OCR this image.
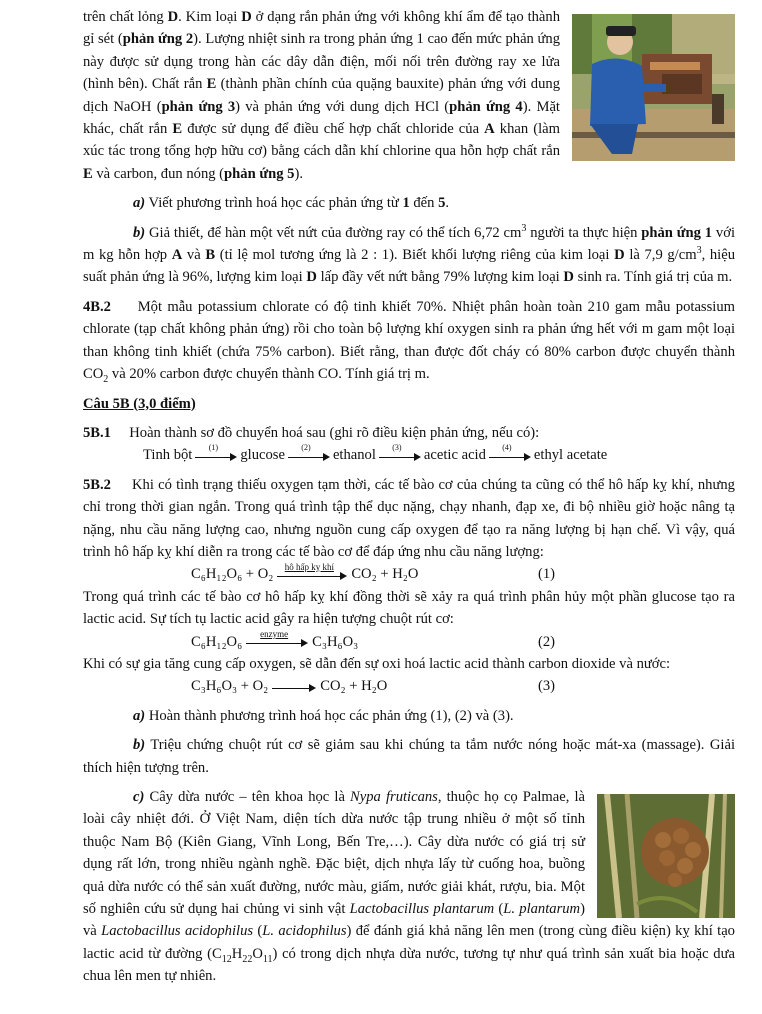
trên chất lỏng D. Kim loại D ở dạng rắn phản ứng với không khí ẩm để tạo thành gỉ sét (phản ứng 2). Lượng nhiệt sinh ra trong phản ứng 1 cao đến mức phản ứng này được sử dụng trong hàn các dây dẫn điện, mối nối trên đường ray xe lửa (hình bên). Chất rắn E (thành phần chính của quặng bauxite) phản ứng với dung dịch NaOH (phản ứng 3) và phản ứng với dung dịch HCl (phản ứng 4). Mặt khác, chất rắn E được sử dụng để điều chế hợp chất chloride của A khan (làm xúc tác trong tổng hợp hữu cơ) bằng cách dẫn khí chlorine qua hỗn hợp chất rắn E và carbon, đun nóng (phản ứng 5).

a) Viết phương trình hoá học các phản ứng từ 1 đến 5.

b) Giả thiết, để hàn một vết nứt của đường ray có thể tích 6,72 $cm^3$ người ta thực hiện phản ứng 1 với m kg hỗn hợp A và B (tỉ lệ mol tương ứng là 2 : 1). Biết khối lượng riêng của kim loại D là 7,9 $g/cm^3$, hiệu suất phản ứng là 96%, lượng kim loại D lấp đầy vết nứt bằng 79% lượng kim loại D sinh ra. Tính giá trị của m.

4B.2 Một mẫu potassium chlorate có độ tinh khiết 70%. Nhiệt phân hoàn toàn 210 gam mẫu potassium chlorate (tạp chất không phản ứng) rồi cho toàn bộ lượng khí oxygen sinh ra phản ứng hết với m gam một loại than không tinh khiết (chứa 75% carbon). Biết rằng, than được đốt cháy có 80% carbon được chuyển thành $CO_2$ và 20% carbon được chuyển thành CO. Tính giá trị m.

Câu 5B (3,0 điểm)

5B.1 Hoàn thành sơ đồ chuyển hoá sau (ghi rõ điều kiện phản ứng, nếu có):

Tinh bột	(1)	glucose	(2)	ethanol	(3)	acetic acid	(4)	ethyl acetate

5B.2 Khi có tình trạng thiếu oxygen tạm thời, các tế bào cơ của chúng ta cũng có thể hô hấp kỵ khí, nhưng chỉ trong thời gian ngắn. Trong quá trình tập thể dục nặng, chạy nhanh, đạp xe, đi bộ nhiều giờ hoặc nâng tạ nặng, nhu cầu năng lượng cao, nhưng nguồn cung cấp oxygen để tạo ra năng lượng bị hạn chế. Vì vậy, quá trình hô hấp kỵ khí diễn ra trong các tế bào cơ để đáp ứng nhu cầu năng lượng:

C₆H₁₂O₆ + O₂	hô hấp kỵ khí	CO₂ + H₂O	(1)

Trong quá trình các tế bào cơ hô hấp kỵ khí đồng thời sẽ xảy ra quá trình phân hủy một phần glucose tạo ra lactic acid. Sự tích tụ lactic acid gây ra hiện tượng chuột rút cơ:

C₆H₁₂O₆	enzyme	C₃H₆O₃	(2)

Khi có sự gia tăng cung cấp oxygen, sẽ dẫn đến sự oxi hoá lactic acid thành carbon dioxide và nước:

C₃H₆O₃ + O₂	CO₂ + H₂O	(3)

a) Hoàn thành phương trình hoá học các phản ứng (1), (2) và (3).

b) Triệu chứng chuột rút cơ sẽ giảm sau khi chúng ta tắm nước nóng hoặc mát-xa (massage). Giải thích hiện tượng trên.

c) Cây dừa nước – tên khoa học là Nypa fruticans, thuộc họ cọ Palmae, là loài cây nhiệt đới. Ở Việt Nam, diện tích dừa nước tập trung nhiều ở một số tỉnh thuộc Nam Bộ (Kiên Giang, Vĩnh Long, Bến Tre,…). Cây dừa nước có giá trị sử dụng rất lớn, trong nhiều ngành nghề. Đặc biệt, dịch nhựa lấy từ cuống hoa, buồng quả dừa nước có thể sản xuất đường, nước màu, giấm, nước giải khát, rượu, bia. Một số nghiên cứu sử dụng hai chủng vi sinh vật Lactobacillus plantarum (L. plantarum) và Lactobacillus acidophilus (L. acidophilus) để đánh giá khả năng lên men (trong cùng điều kiện) kỵ khí tạo lactic acid từ đường $(C_{12}H_{22}O_{11})$ có trong dịch nhựa dừa nước, tương tự như quá trình sản xuất bia hoặc dưa chua lên men tự nhiên.
